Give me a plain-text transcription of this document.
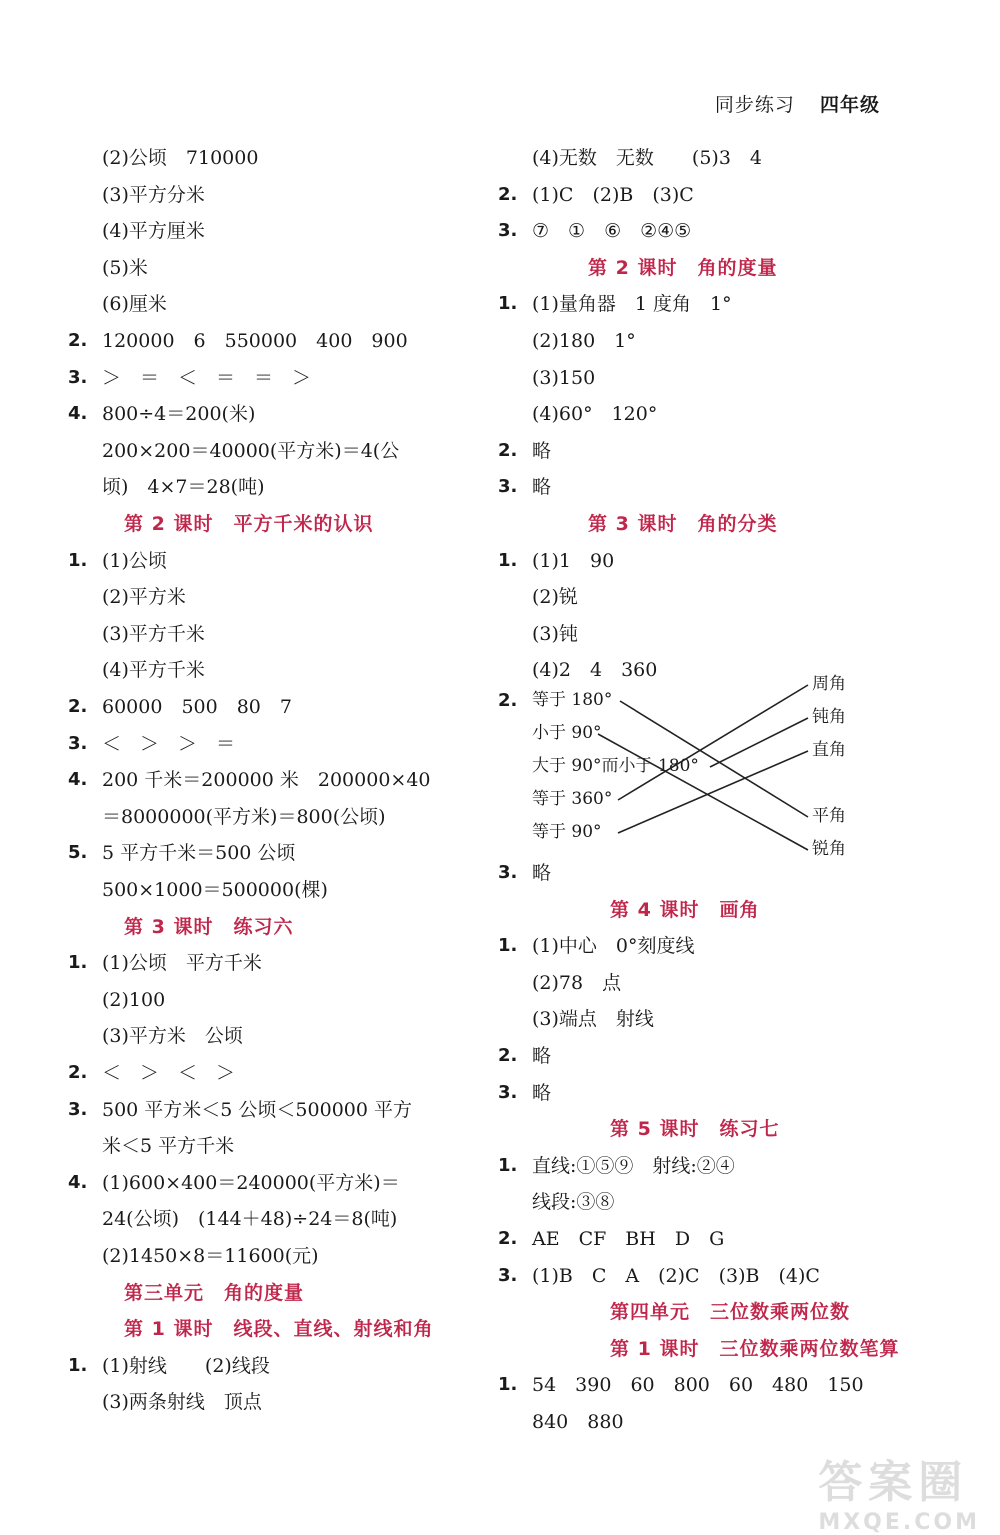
同步练习 四年级
(2)公顷　710000
(3)平方分米
(4)平方厘米
(5)米
(6)厘米
2. 120000　6　550000　400　900
3. ＞　＝　＜　＝　＝　＞
4. 800÷4＝200(米)
200×200＝40000(平方米)＝4(公
顷)　4×7＝28(吨)
第 2 课时　平方千米的认识
1. (1)公顷
(2)平方米
(3)平方千米
(4)平方千米
2. 60000　500　80　7
3. ＜　＞　＞　＝
4. 200 千米＝200000 米　200000×40
＝8000000(平方米)＝800(公顷)
5. 5 平方千米＝500 公顷
500×1000＝500000(棵)
第 3 课时　练习六
1. (1)公顷　平方千米
(2)100
(3)平方米　公顷
2. ＜　＞　＜　＞
3. 500 平方米＜5 公顷＜500000 平方
米＜5 平方千米
4. (1)600×400＝240000(平方米)＝
24(公顷)　(144＋48)÷24＝8(吨)
(2)1450×8＝11600(元)
第三单元　角的度量
第 1 课时　线段、直线、射线和角
1. (1)射线　　(2)线段
(3)两条射线　顶点
2. 等于 180°
小于 90°
大于 90°而小于 180°
等于 360°
等于 90°
周角
钝角
直角
平角
锐角
(4)无数　无数　　(5)3　4
2. (1)C　(2)B　(3)C
3. ⑦　①　⑥　②④⑤
第 2 课时　角的度量
1. (1)量角器　1 度角　1°
(2)180　1°
(3)150
(4)60°　120°
2. 略
3. 略
第 3 课时　角的分类
1. (1)1　90
(2)锐
(3)钝
(4)2　4　360
3. 略
第 4 课时　画角
1. (1)中心　0°刻度线
(2)78　点
(3)端点　射线
2. 略
3. 略
第 5 课时　练习七
1. 直线:①⑤⑨　射线:②④
线段:③⑧
2. AE　CF　BH　D　G
3. (1)B　C　A　(2)C　(3)B　(4)C
第四单元　三位数乘两位数
第 1 课时　三位数乘两位数笔算
1. 54　390　60　800　60　480　150
840　880
答案圈
MXQE.COM
